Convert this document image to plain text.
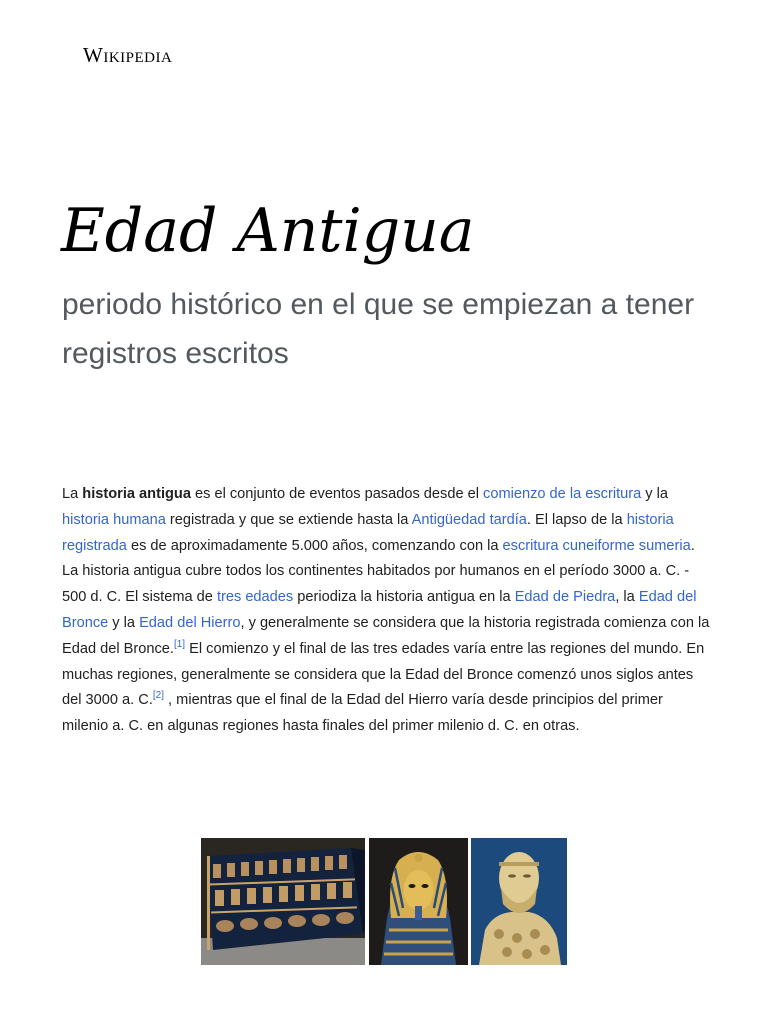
Wikipedia
Edad Antigua

periodo histórico en el que se empiezan a tener registros escritos

La historia antigua es el conjunto de eventos pasados desde el comienzo de la escritura y la historia humana registrada y que se extiende hasta la Antigüedad tardía. El lapso de la historia registrada es de aproximadamente 5.000 años, comenzando con la escritura cuneiforme sumeria. La historia antigua cubre todos los continentes habitados por humanos en el período 3000 a. C. - 500 d. C. El sistema de tres edades periodiza la historia antigua en la Edad de Piedra, la Edad del Bronce y la Edad del Hierro, y generalmente se considera que la historia registrada comienza con la Edad del Bronce.[1] El comienzo y el final de las tres edades varía entre las regiones del mundo. En muchas regiones, generalmente se considera que la Edad del Bronce comenzó unos siglos antes del 3000 a. C.[2] , mientras que el final de la Edad del Hierro varía desde principios del primer milenio a. C. en algunas regiones hasta finales del primer milenio d. C. en otras.
